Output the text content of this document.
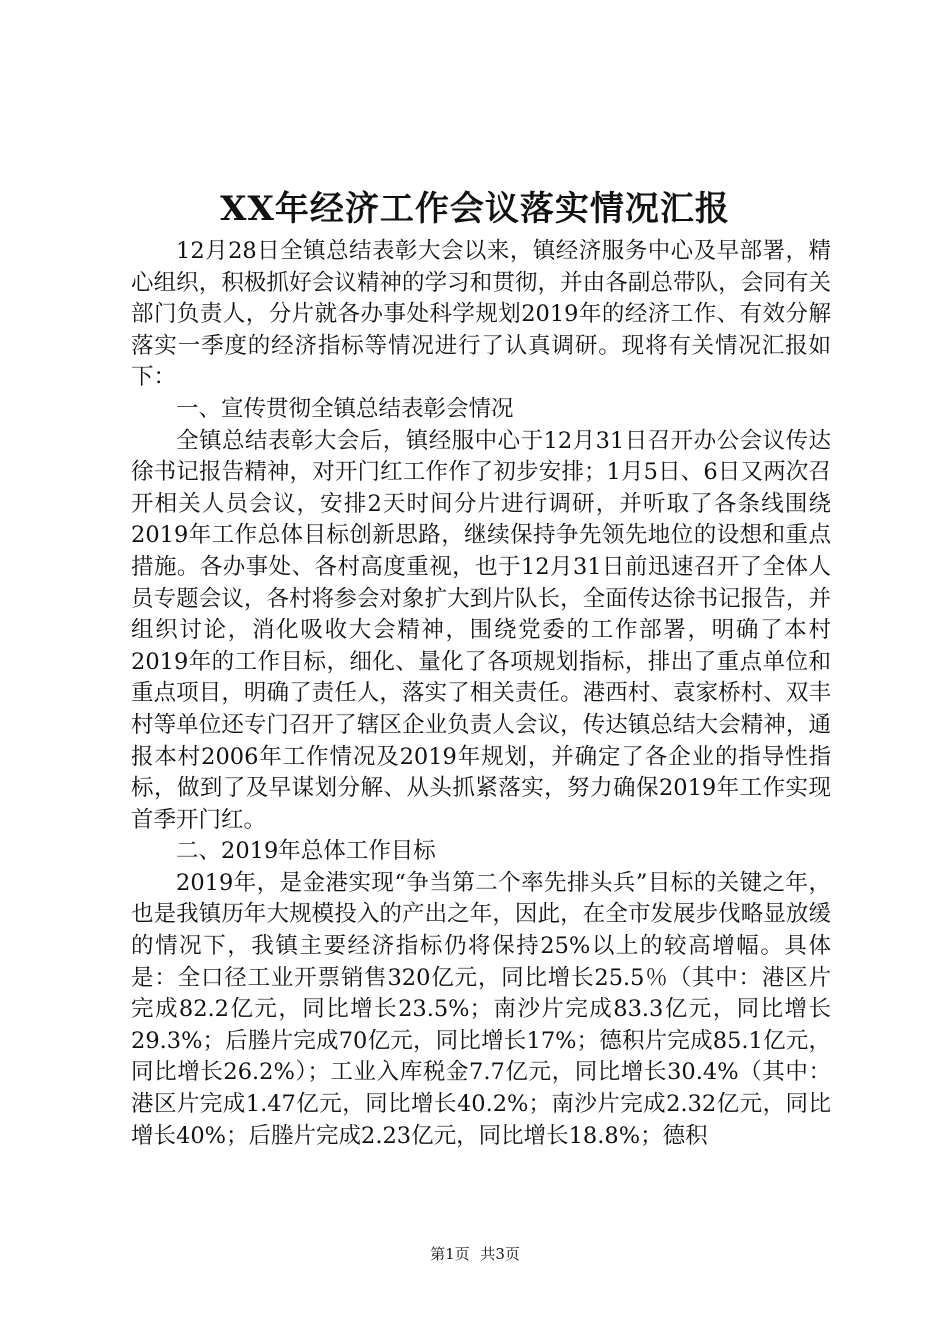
XX年经济工作会议落实情况汇报

12月28日全镇总结表彰大会以来，镇经济服务中心及早部署，精心组织，积极抓好会议精神的学习和贯彻，并由各副总带队，会同有关部门负责人，分片就各办事处科学规划2019年的经济工作、有效分解落实一季度的经济指标等情况进行了认真调研。现将有关情况汇报如下：

一、宣传贯彻全镇总结表彰会情况

全镇总结表彰大会后，镇经服中心于12月31日召开办公会议传达徐书记报告精神，对开门红工作作了初步安排；1月5日、6日又两次召开相关人员会议，安排2天时间分片进行调研，并听取了各条线围绕2019年工作总体目标创新思路，继续保持争先领先地位的设想和重点措施。各办事处、各村高度重视，也于12月31日前迅速召开了全体人员专题会议，各村将参会对象扩大到片队长，全面传达徐书记报告，并组织讨论，消化吸收大会精神，围绕党委的工作部署，明确了本村2019年的工作目标，细化、量化了各项规划指标，排出了重点单位和重点项目，明确了责任人，落实了相关责任。港西村、袁家桥村、双丰村等单位还专门召开了辖区企业负责人会议，传达镇总结大会精神，通报本村2006年工作情况及2019年规划，并确定了各企业的指导性指标，做到了及早谋划分解、从头抓紧落实，努力确保2019年工作实现首季开门红。

二、2019年总体工作目标

2019年，是金港实现“争当第二个率先排头兵”目标的关键之年，也是我镇历年大规模投入的产出之年，因此，在全市发展步伐略显放缓的情况下，我镇主要经济指标仍将保持25%以上的较高增幅。具体是：全口径工业开票销售320亿元，同比增长25.5％（其中：港区片完成82.2亿元，同比增长23.5%；南沙片完成83.3亿元，同比增长29.3%；后塍片完成70亿元，同比增长17%；德积片完成85.1亿元，同比增长26.2%）；工业入库税金7.7亿元，同比增长30.4%（其中：港区片完成1.47亿元，同比增长40.2%；南沙片完成2.32亿元，同比增长40%；后塍片完成2.23亿元，同比增长18.8%；德积

第1页 共3页
